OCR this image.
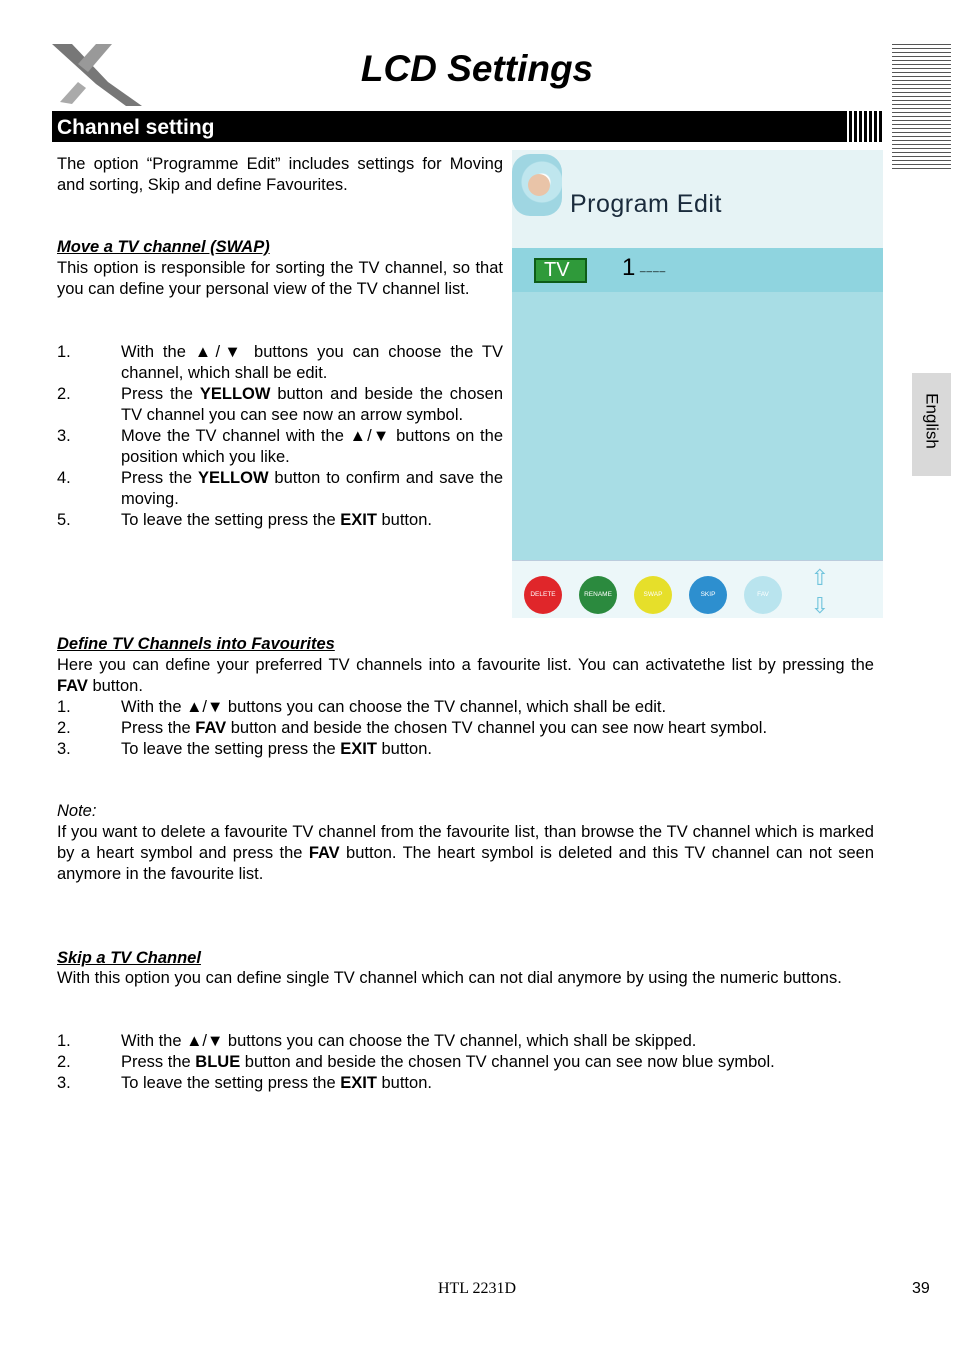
LCD Settings
Channel setting
English

The option “Programme Edit” includes settings for Moving and sorting, Skip and define Favourites.

Move a TV channel (SWAP)

This option is responsible for sorting the TV channel, so that you can define your personal view of the TV channel list.

1.	With the ▲/▼ buttons you can choose the TV channel, which shall be edit.
2.	Press the YELLOW button and beside the chosen TV channel you can see now an arrow symbol.
3.	Move the TV channel with the ▲/▼ buttons on the position which you like.
4.	Press the YELLOW button to confirm and save the moving.
5.	To leave the setting press the EXIT button.
Program Edit
TV	1 ____
⇧
⇩
DELETE	RENAME	SWAP	SKIP	FAV
Define TV Channels into Favourites

Here you can define your preferred TV channels into a favourite list. You can activatethe list by pressing the FAV button.

1.	With the ▲/▼ buttons you can choose the TV channel, which shall be edit.
2.	Press the FAV button and beside the chosen TV channel you can see now heart symbol.
3.	To leave the setting press the EXIT button.
Note:

If you want to delete a favourite TV channel from the favourite list, than browse the TV channel which is marked by a heart symbol and press the FAV button. The heart symbol is deleted and this TV channel can not seen anymore in the favourite list.

Skip a TV Channel

With this option you can define single TV channel which can not dial anymore by using the numeric buttons.

1.	With the ▲/▼ buttons you can choose the TV channel, which shall be skipped.
2.	Press the BLUE button and beside the chosen TV channel you can see now blue symbol.
3.	To leave the setting press the EXIT button.
HTL 2231D	39
